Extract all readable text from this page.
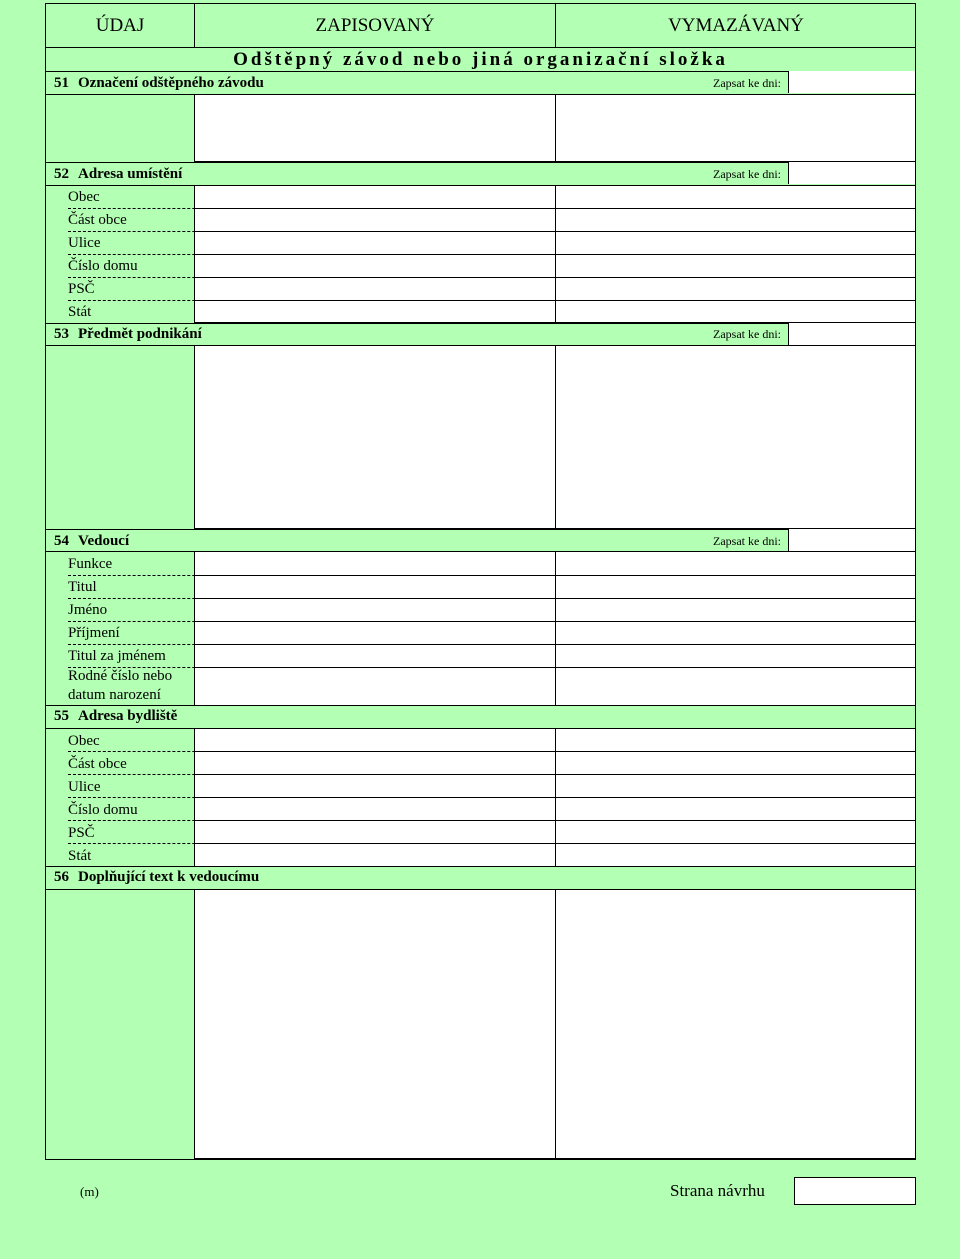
ÚDAJ	ZAPISOVANÝ	VYMAZÁVANÝ
Odštěpný závod nebo jiná organizační složka
51 Označení odštěpného závodu	Zapsat ke dni:
52 Adresa umístění	Zapsat ke dni:
Obec
Část obce
Ulice
Číslo domu
PSČ
Stát
53 Předmět podnikání	Zapsat ke dni:
54 Vedoucí	Zapsat ke dni:
Funkce
Titul
Jméno
Příjmení
Titul za jménem
Rodné číslo nebo
datum narození
55 Adresa bydliště
Obec
Část obce
Ulice
Číslo domu
PSČ
Stát
56 Doplňující text k vedoucímu
(m)	Strana návrhu
